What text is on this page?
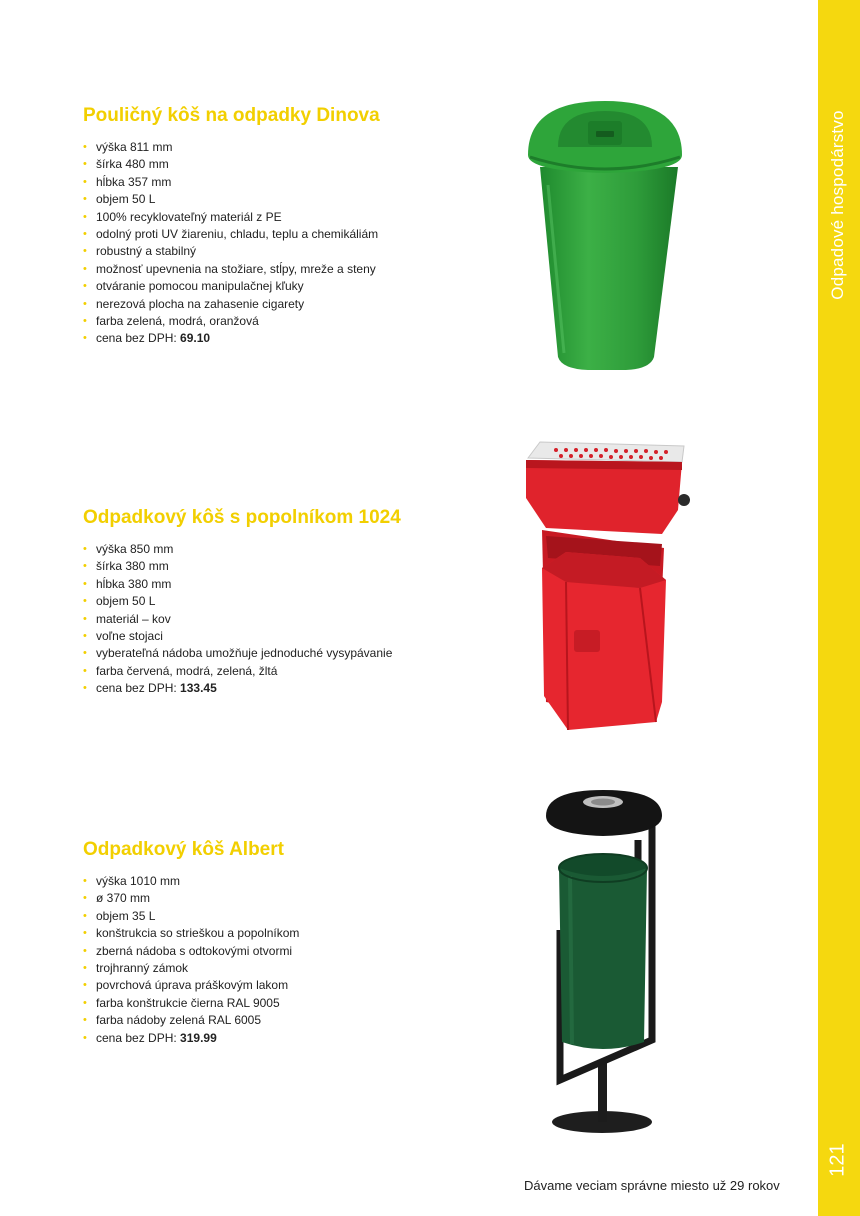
Odpadové hospodárstvo
121
Pouličný kôš na odpadky Dinova
• výška 811 mm
• šírka 480 mm
• hĺbka 357 mm
• objem 50 L
• 100% recyklovateľný materiál z PE
• odolný proti UV žiareniu, chladu, teplu a chemikáliám
• robustný a stabilný
• možnosť upevnenia na stožiare, stĺpy, mreže a steny
• otváranie pomocou manipulačnej kľuky
• nerezová plocha na zahasenie cigarety
• farba zelená, modrá, oranžová
• cena bez DPH: 69.10
Odpadkový kôš s popolníkom 1024
• výška 850 mm
• šírka 380 mm
• hĺbka 380 mm
• objem 50 L
• materiál – kov
• voľne stojaci
• vyberateľná nádoba umožňuje jednoduché vysypávanie
• farba červená, modrá, zelená, žltá
• cena bez DPH: 133.45
Odpadkový kôš Albert
• výška 1010 mm
• ø 370 mm
• objem 35 L
• konštrukcia so strieškou a popolníkom
• zberná nádoba s odtokovými otvormi
• trojhranný zámok
• povrchová úprava práškovým lakom
• farba konštrukcie čierna RAL 9005
• farba nádoby zelená RAL 6005
• cena bez DPH: 319.99
Dávame veciam správne miesto už 29 rokov
